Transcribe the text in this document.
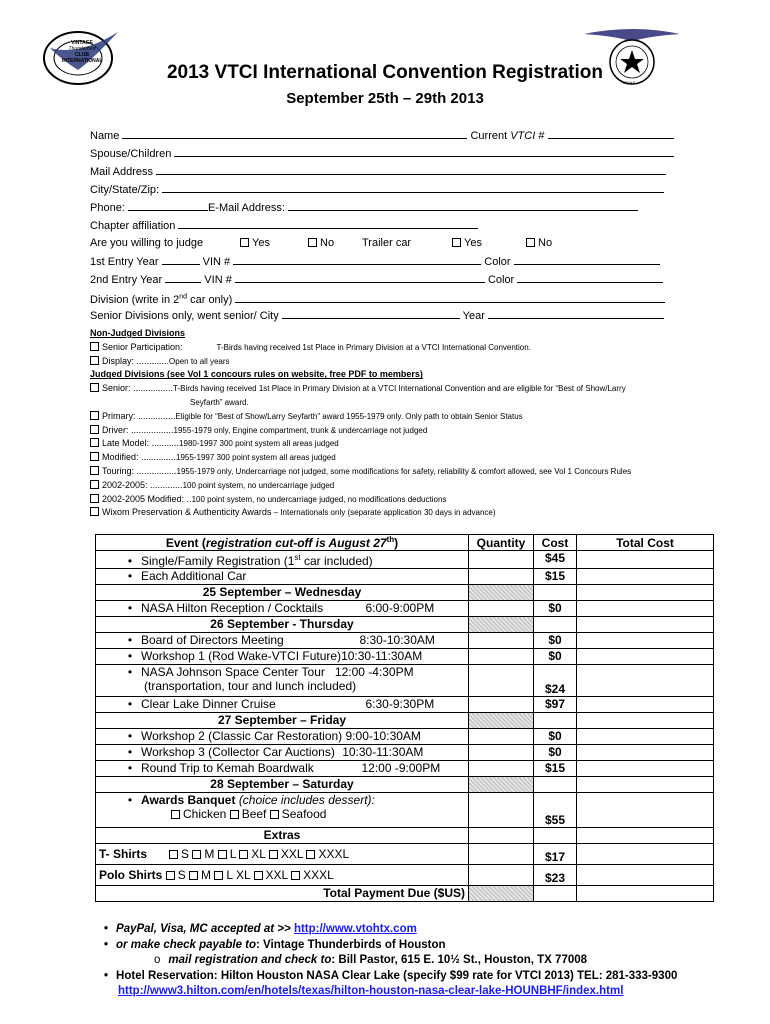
VINTAGE
Thunderbird
CLUB INTERNATIONAL
TEXAS
2013 VTCI International Convention Registration
September 25th – 29th 2013
Name	Current VTCI #
Spouse/Children
Mail Address
City/State/Zip:
Phone:	E-Mail Address:
Chapter affiliation
Are you willing to judge	Yes	No	Trailer car	Yes	No
1st Entry Year	VIN #	Color
2nd Entry Year	VIN #	Color
Division (write in 2nd car only)
Senior Divisions only, went senior/ City	Year
Non-Judged Divisions
Senior Participation:	T-Birds having received 1st Place in Primary Division at a VTCI International Convention.
Display: .............Open to all years
Judged Divisions (see Vol 1 concours rules on website, free PDF to members)
Senior: ................T-Birds having received 1st Place in Primary Division at a VTCI International Convention and are eligible for “Best of Show/Larry
Seyfarth” award.
Primary: ...............Eligible for “Best of Show/Larry Seyfarth” award 1955-1979 only. Only path to obtain Senior Status
Driver: .................1955-1979 only, Engine compartment, trunk & undercarriage not judged
Late Model: ...........1980-1997 300 point system all areas judged
Modified: ..............1955-1997 300 point system all areas judged
Touring: ................1955-1979 only, Undercarriage not judged, some modifications for safety, reliability & comfort allowed, see Vol 1 Concours Rules
2002-2005: .............100 point system, no undercarriage judged
2002-2005 Modified: ..100 point system, no undercarriage judged, no modifications deductions
Wixom Preservation & Authenticity Awards – Internationals only (separate application 30 days in advance)
Event (registration cut-off is August 27th)	Quantity	Cost	Total Cost
• Single/Family Registration (1st car included)		$45	
• Each Additional Car		$15	
25 September – Wednesday			
• NASA Hilton Reception / Cocktails 6:00-9:00PM		$0	
26 September - Thursday			
• Board of Directors Meeting 8:30-10:30AM		$0	
• Workshop 1 (Rod Wake-VTCI Future)10:30-11:30AM		$0	
• NASA Johnson Space Center Tour 12:00 -4:30PM
(transportation, tour and lunch included)		$24	
• Clear Lake Dinner Cruise 6:30-9:30PM		$97	
27 September – Friday			
• Workshop 2 (Classic Car Restoration) 9:00-10:30AM		$0	
• Workshop 3 (Collector Car Auctions) 10:30-11:30AM		$0	
• Round Trip to Kemah Boardwalk 12:00 -9:00PM		$15	
28 September – Saturday			
• Awards Banquet (choice includes dessert):
Chicken Beef Seafood		$55	
Extras			
T- Shirts S M L XL XXL XXXL		$17	
Polo Shirts S M L XL XXL XXXL		$23	
Total Payment Due ($US)			
• PayPal, Visa, MC accepted at >> http://www.vtohtx.com
• or make check payable to: Vintage Thunderbirds of Houston
o mail registration and check to: Bill Pastor, 615 E. 10½ St., Houston, TX 77008
• Hotel Reservation: Hilton Houston NASA Clear Lake (specify $99 rate for VTCI 2013) TEL: 281-333-9300
http://www3.hilton.com/en/hotels/texas/hilton-houston-nasa-clear-lake-HOUNBHF/index.html
